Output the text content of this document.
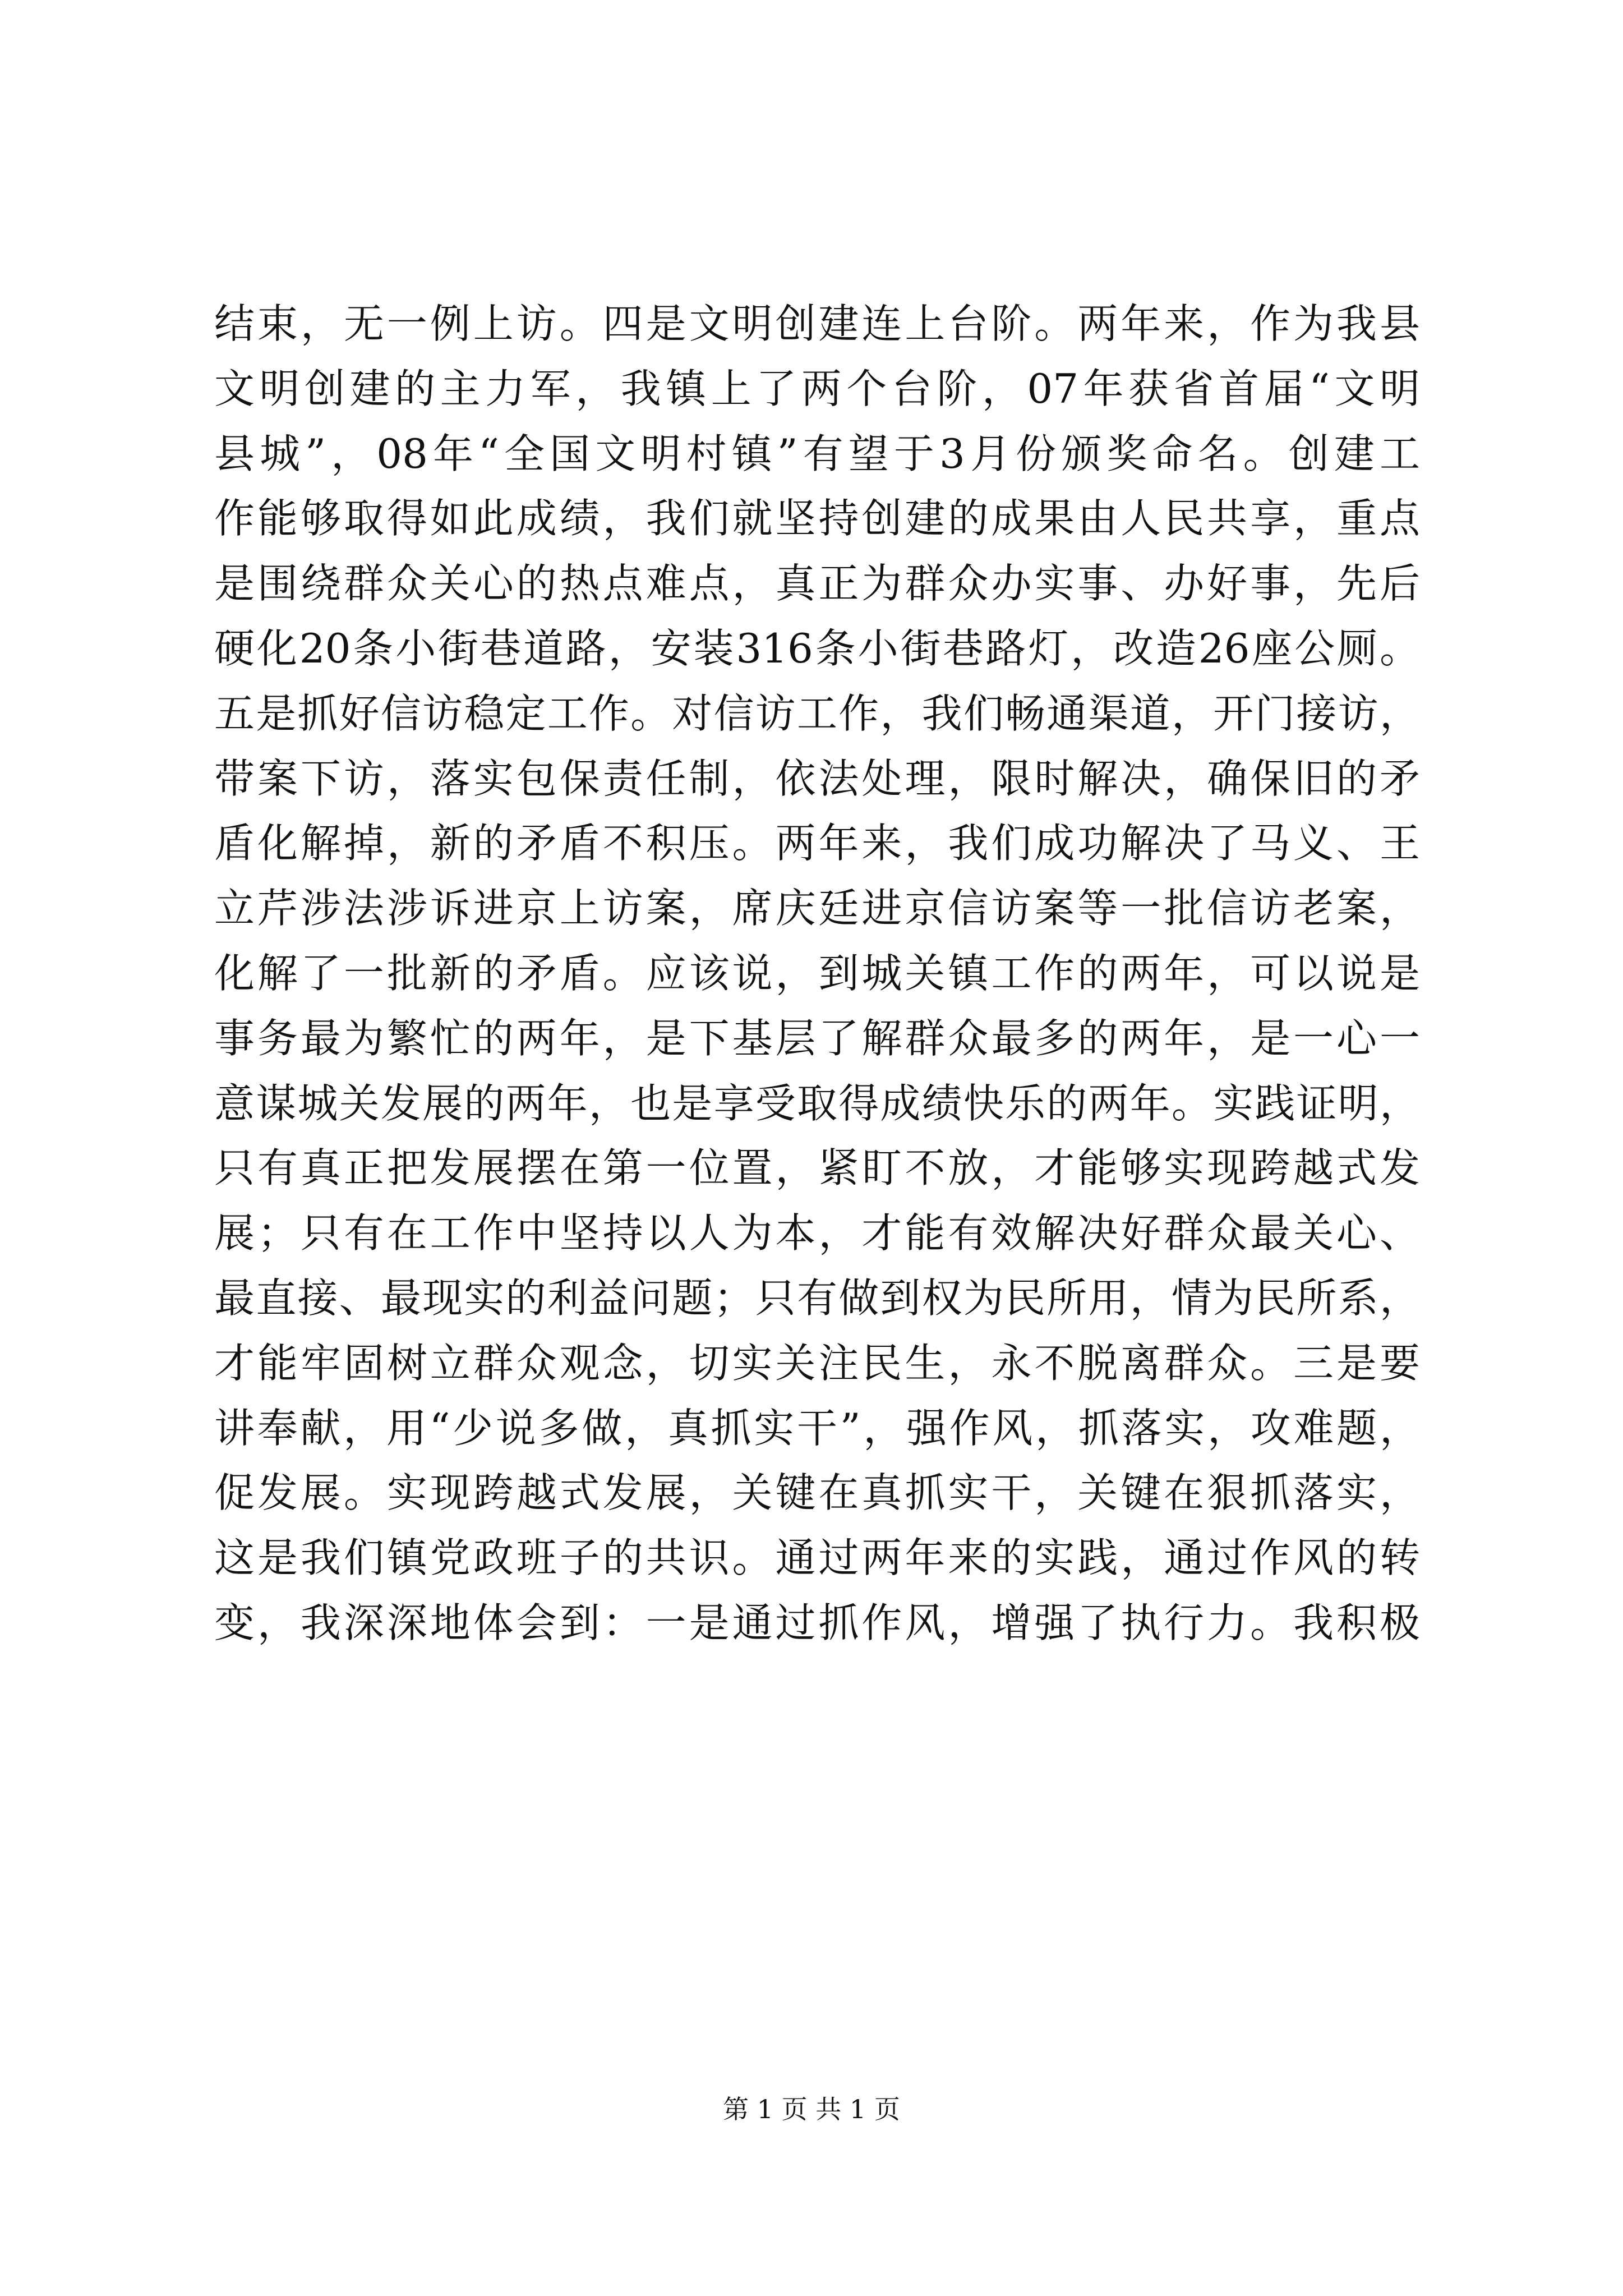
结束，无一例上访。四是文明创建连上台阶。两年来，作为我县
文明创建的主力军，我镇上了两个台阶，07年获省首届“文明
县城”，08年“全国文明村镇”有望于3月份颁奖命名。创建工
作能够取得如此成绩，我们就坚持创建的成果由人民共享，重点
是围绕群众关心的热点难点，真正为群众办实事、办好事，先后
硬化20条小街巷道路，安装316条小街巷路灯，改造26座公厕。
五是抓好信访稳定工作。对信访工作，我们畅通渠道，开门接访，
带案下访，落实包保责任制，依法处理，限时解决，确保旧的矛
盾化解掉，新的矛盾不积压。两年来，我们成功解决了马义、王
立芹涉法涉诉进京上访案，席庆廷进京信访案等一批信访老案，
化解了一批新的矛盾。应该说，到城关镇工作的两年，可以说是
事务最为繁忙的两年，是下基层了解群众最多的两年，是一心一
意谋城关发展的两年，也是享受取得成绩快乐的两年。实践证明，
只有真正把发展摆在第一位置，紧盯不放，才能够实现跨越式发
展；只有在工作中坚持以人为本，才能有效解决好群众最关心、
最直接、最现实的利益问题；只有做到权为民所用，情为民所系，
才能牢固树立群众观念，切实关注民生，永不脱离群众。三是要
讲奉献，用“少说多做，真抓实干”，强作风，抓落实，攻难题，
促发展。实现跨越式发展，关键在真抓实干，关键在狠抓落实，
这是我们镇党政班子的共识。通过两年来的实践，通过作风的转
变，我深深地体会到：一是通过抓作风，增强了执行力。我积极
第 1 页 共 1 页
